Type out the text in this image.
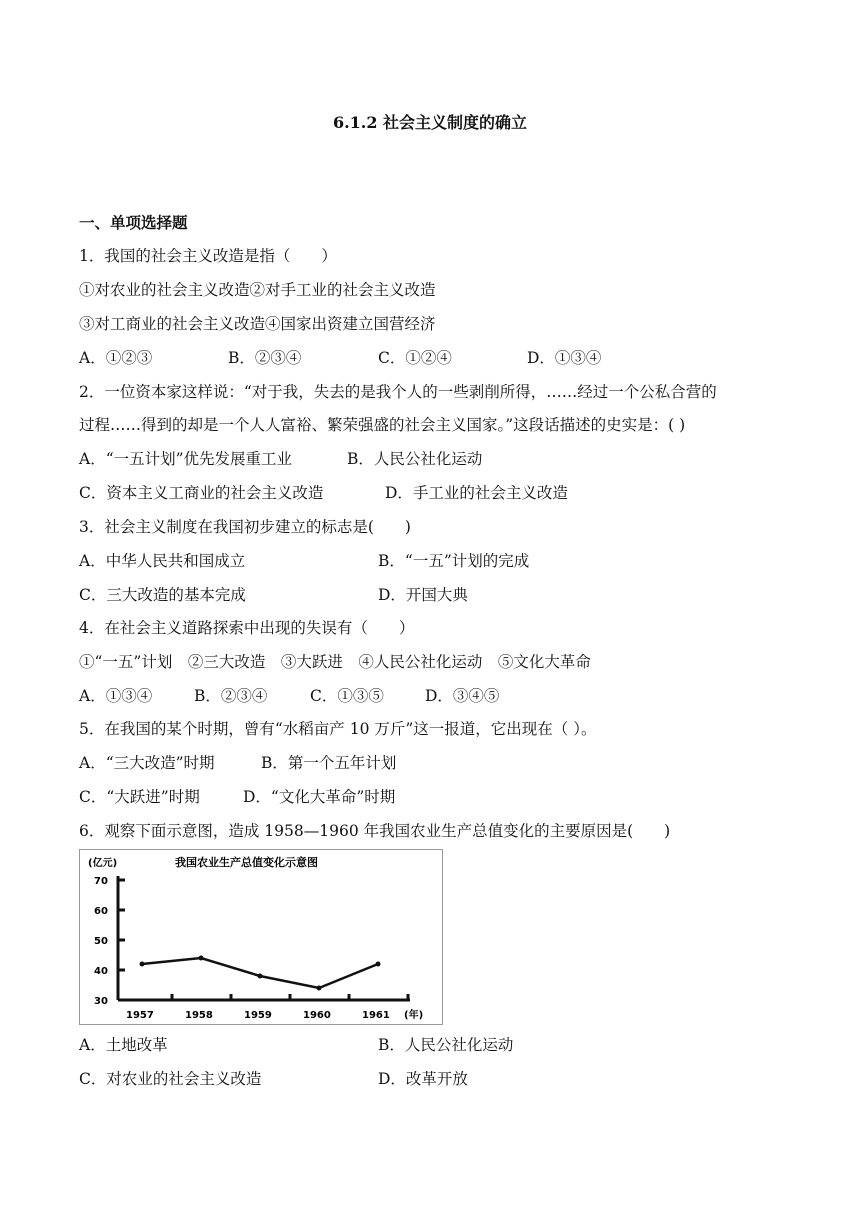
6.1.2 社会主义制度的确立
一、单项选择题
1．我国的社会主义改造是指（　　）
①对农业的社会主义改造②对手工业的社会主义改造
③对工商业的社会主义改造④国家出资建立国营经济
A．①②③	B．②③④	C．①②④	D．①③④
2．一位资本家这样说：“对于我，失去的是我个人的一些剥削所得，……经过一个公私合营的
过程……得到的却是一个人人富裕、繁荣强盛的社会主义国家。”这段话描述的史实是：( )
A．“一五计划”优先发展重工业	B．人民公社化运动
C．资本主义工商业的社会主义改造	D．手工业的社会主义改造
3．社会主义制度在我国初步建立的标志是(　　)
A．中华人民共和国成立	B．“一五”计划的完成
C．三大改造的基本完成	D．开国大典
4．在社会主义道路探索中出现的失误有（　　）
①“一五”计划　②三大改造　③大跃进　④人民公社化运动　⑤文化大革命
A．①③④	B．②③④	C．①③⑤	D．③④⑤
5．在我国的某个时期，曾有“水稻亩产 10 万斤”这一报道，它出现在（ ）。
A．“三大改造”时期	B．第一个五年计划
C．“大跃进”时期	D．“文化大革命”时期
6．观察下面示意图，造成 1958—1960 年我国农业生产总值变化的主要原因是(　　)
(亿元)	我国农业生产总值变化示意图
(年)
70
60
50
40
30
1957	1958	1959	1960	1961
A．土地改革	B．人民公社化运动
C．对农业的社会主义改造	D．改革开放
